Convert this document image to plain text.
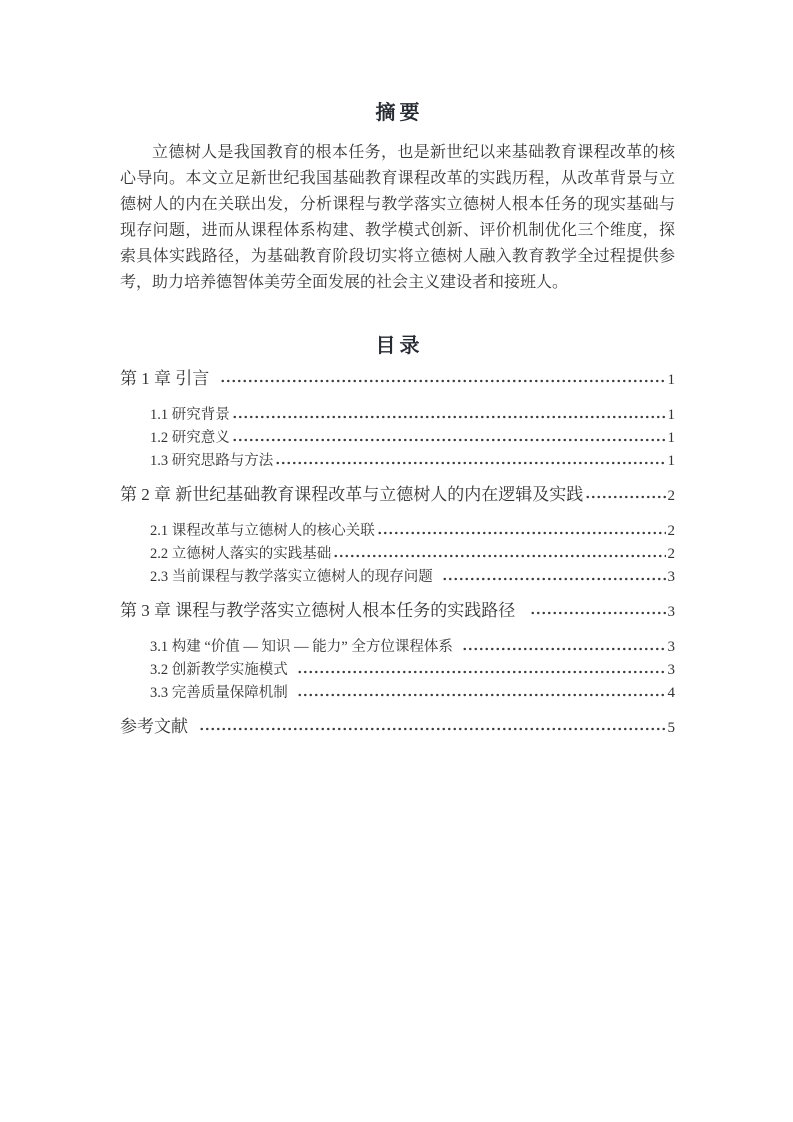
摘要
立德树人是我国教育的根本任务，也是新世纪以来基础教育课程改革的核心导向。本文立足新世纪我国基础教育课程改革的实践历程，从改革背景与立德树人的内在关联出发，分析课程与教学落实立德树人根本任务的现实基础与现存问题，进而从课程体系构建、教学模式创新、评价机制优化三个维度，探索具体实践路径，为基础教育阶段切实将立德树人融入教育教学全过程提供参考，助力培养德智体美劳全面发展的社会主义建设者和接班人。
目录
第 1 章 引言	1
1.1 研究背景	1
1.2 研究意义	1
1.3 研究思路与方法	1
第 2 章 新世纪基础教育课程改革与立德树人的内在逻辑及实践	2
2.1 课程改革与立德树人的核心关联	2
2.2 立德树人落实的实践基础	2
2.3 当前课程与教学落实立德树人的现存问题	3
第 3 章 课程与教学落实立德树人根本任务的实践路径	3
3.1 构建 “价值 — 知识 — 能力” 全方位课程体系	3
3.2 创新教学实施模式	3
3.3 完善质量保障机制	4
参考文献	5
